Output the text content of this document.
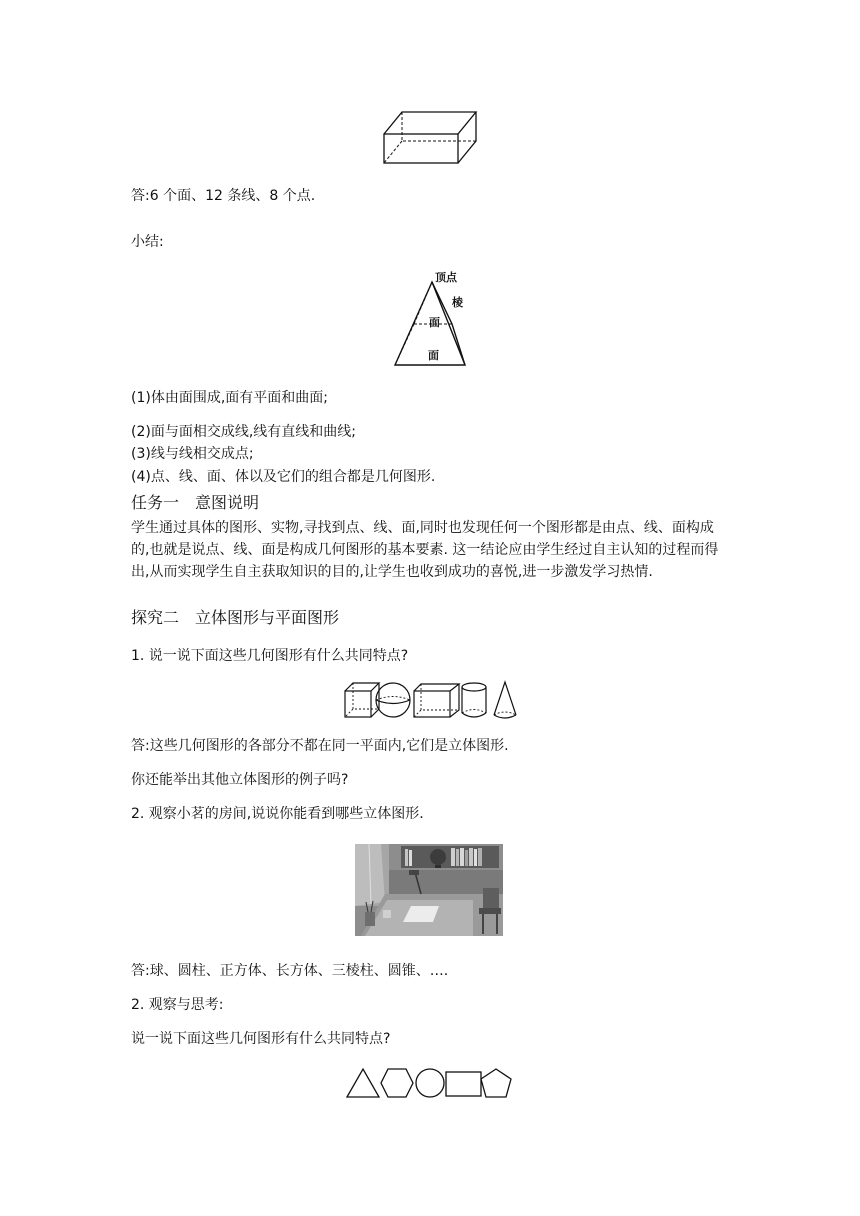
答:6 个面、12 条线、8 个点.
小结:
顶点
棱
面
面
(1)体由面围成,面有平面和曲面;
(2)面与面相交成线,线有直线和曲线;
(3)线与线相交成点;
(4)点、线、面、体以及它们的组合都是几何图形.
任务一　意图说明
学生通过具体的图形、实物,寻找到点、线、面,同时也发现任何一个图形都是由点、线、面构成的,也就是说点、线、面是构成几何图形的基本要素. 这一结论应由学生经过自主认知的过程而得出,从而实现学生自主获取知识的目的,让学生也收到成功的喜悦,进一步激发学习热情.
探究二　立体图形与平面图形
1. 说一说下面这些几何图形有什么共同特点?
答:这些几何图形的各部分不都在同一平面内,它们是立体图形.
你还能举出其他立体图形的例子吗?
2. 观察小茗的房间,说说你能看到哪些立体图形.
答:球、圆柱、正方体、长方体、三棱柱、圆锥、….
2. 观察与思考:
说一说下面这些几何图形有什么共同特点?
